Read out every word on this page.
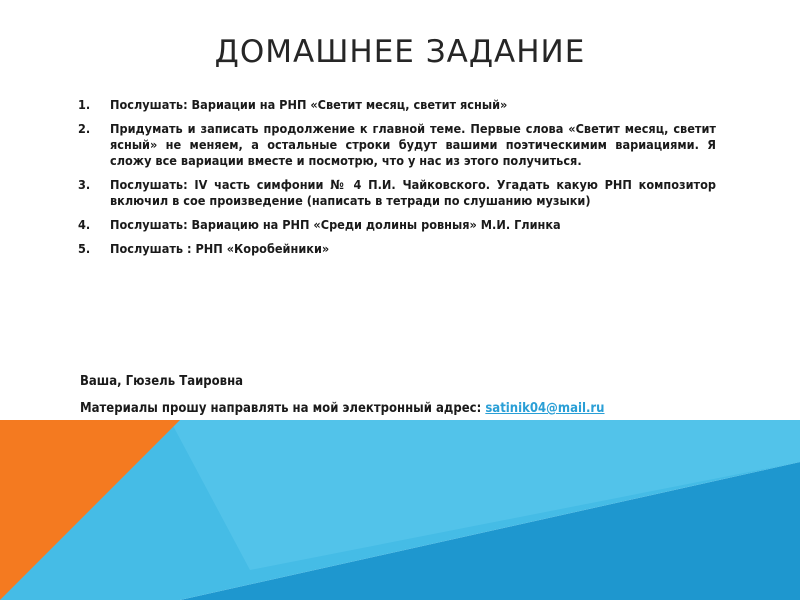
ДОМАШНЕЕ ЗАДАНИЕ
1.	Послушать: Вариации на РНП «Светит месяц, светит ясный»
2.	Придумать и записать продолжение к главной теме. Первые слова «Светит месяц, светит ясный» не меняем, а остальные строки будут вашими поэтическимим вариациями. Я сложу все вариации вместе и посмотрю, что у нас из этого получиться.
3.	Послушать: IV часть симфонии № 4 П.И. Чайковского. Угадать какую РНП композитор включил в сое произведение (написать в тетради по слушанию музыки)
4.	Послушать: Вариацию на РНП «Среди долины ровныя» М.И. Глинка
5.	Послушать : РНП «Коробейники»
Ваша, Гюзель Таировна
Материалы прошу направлять на мой электронный адрес: satinik04@mail.ru
